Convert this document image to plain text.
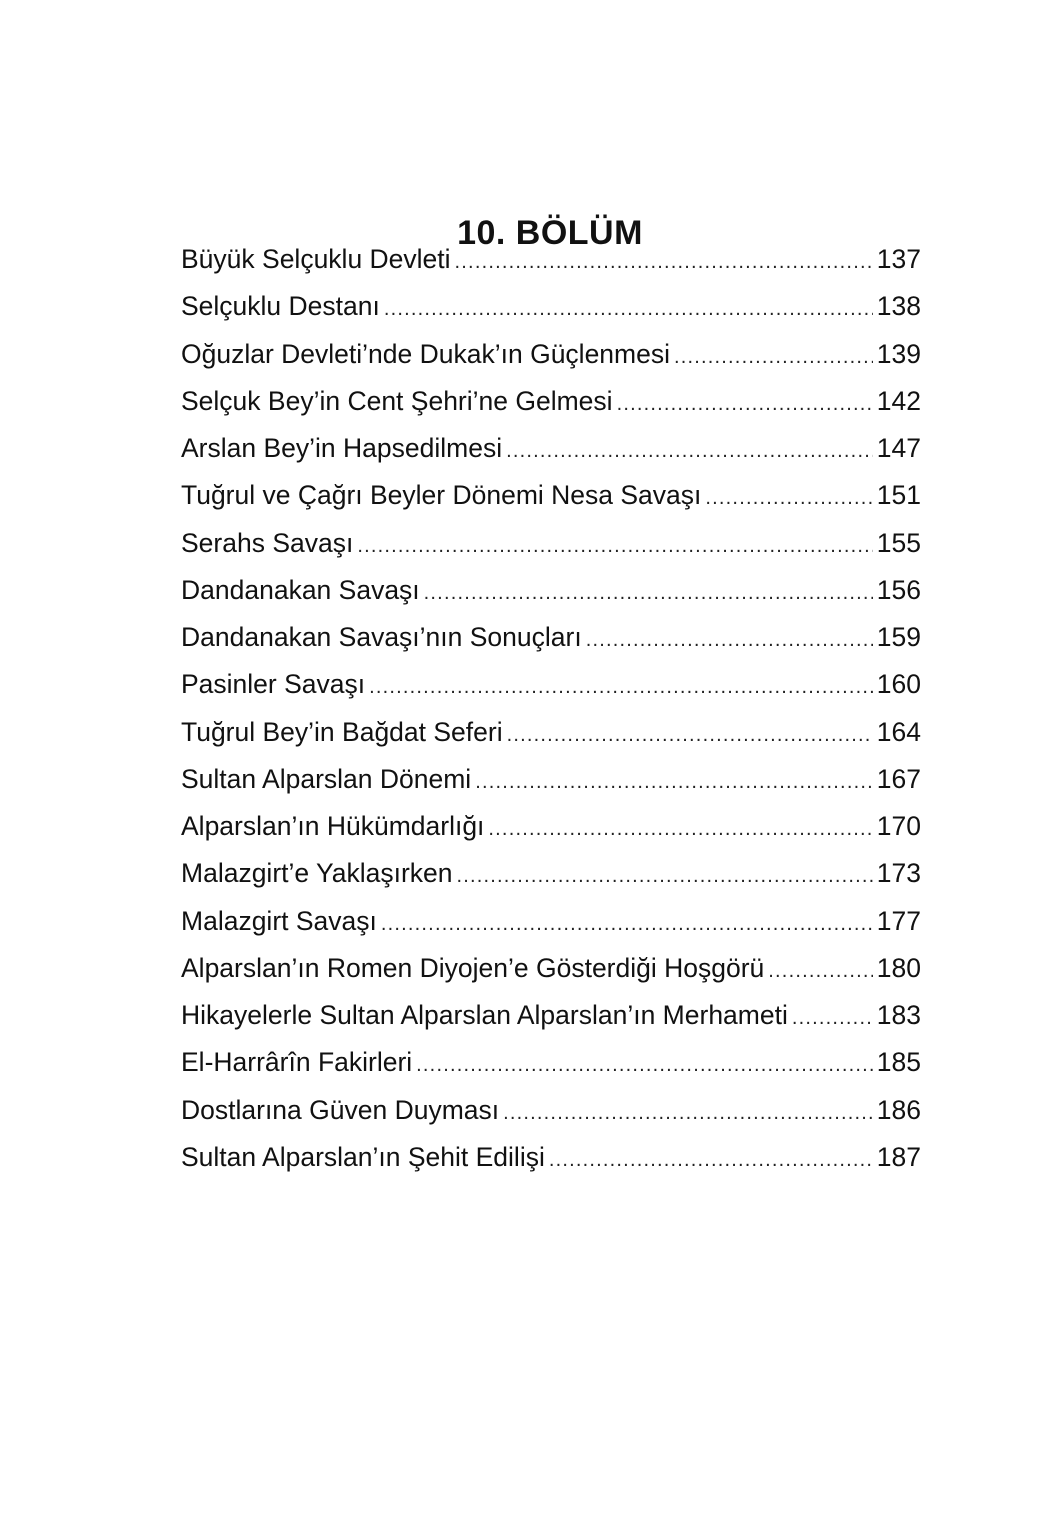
10. BÖLÜM
Büyük Selçuklu Devleti .....	137
Selçuklu Destanı .....	138
Oğuzlar Devleti’nde Dukak’ın Güçlenmesi .....	139
Selçuk Bey’in Cent Şehri’ne Gelmesi .....	142
Arslan Bey’in Hapsedilmesi .....	147
Tuğrul ve Çağrı Beyler Dönemi Nesa Savaşı .....	151
Serahs Savaşı .....	155
Dandanakan Savaşı .....	156
Dandanakan Savaşı’nın Sonuçları .....	159
Pasinler Savaşı .....	160
Tuğrul Bey’in Bağdat Seferi .....	164
Sultan Alparslan Dönemi .....	167
Alparslan’ın Hükümdarlığı .....	170
Malazgirt’e Yaklaşırken .....	173
Malazgirt Savaşı .....	177
Alparslan’ın Romen Diyojen’e Gösterdiği Hoşgörü .....	180
Hikayelerle Sultan Alparslan Alparslan’ın Merhameti .....	183
El-Harrârîn Fakirleri .....	185
Dostlarına Güven Duyması .....	186
Sultan Alparslan’ın Şehit Edilişi .....	187
